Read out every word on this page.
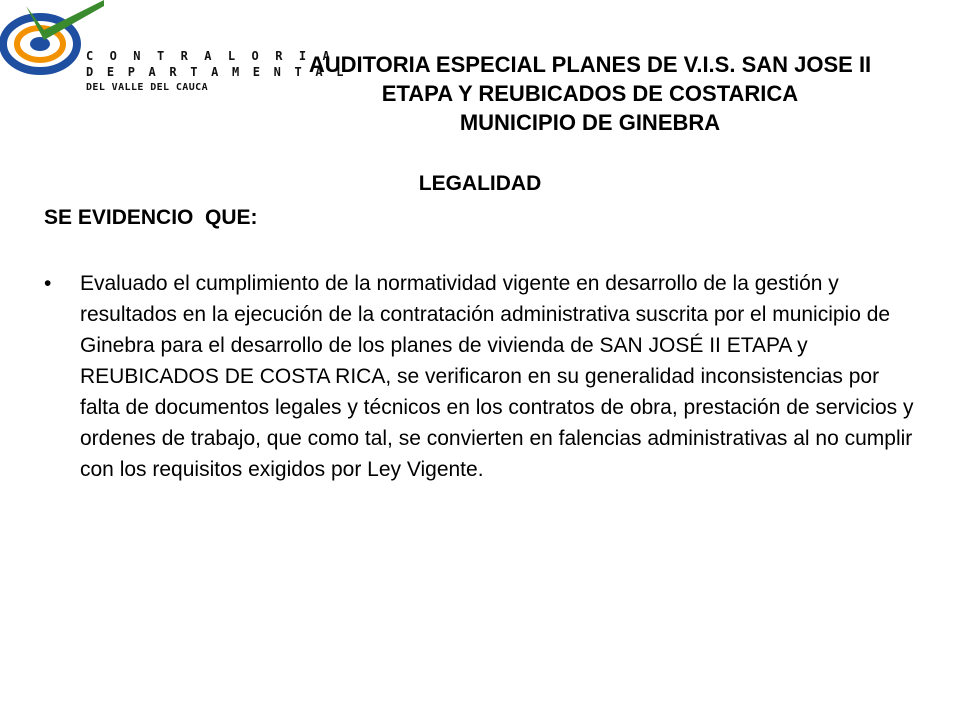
C O N T R A L O R I A
D E P A R T A M E N T A L
DEL VALLE DEL CAUCA
AUDITORIA ESPECIAL PLANES DE V.I.S. SAN JOSE II
ETAPA Y REUBICADOS DE COSTARICA
MUNICIPIO DE GINEBRA
LEGALIDAD
SE EVIDENCIO  QUE:
• Evaluado el cumplimiento de la normatividad vigente en desarrollo de la gestión y resultados en la ejecución de la contratación administrativa suscrita por el municipio de Ginebra para el desarrollo de los planes de vivienda de SAN JOSÉ II ETAPA y REUBICADOS DE COSTA RICA, se verificaron en su generalidad inconsistencias por falta de documentos legales y técnicos en los contratos de obra, prestación de servicios y ordenes de trabajo, que como tal, se convierten en falencias administrativas al no cumplir con los requisitos exigidos por Ley Vigente.
